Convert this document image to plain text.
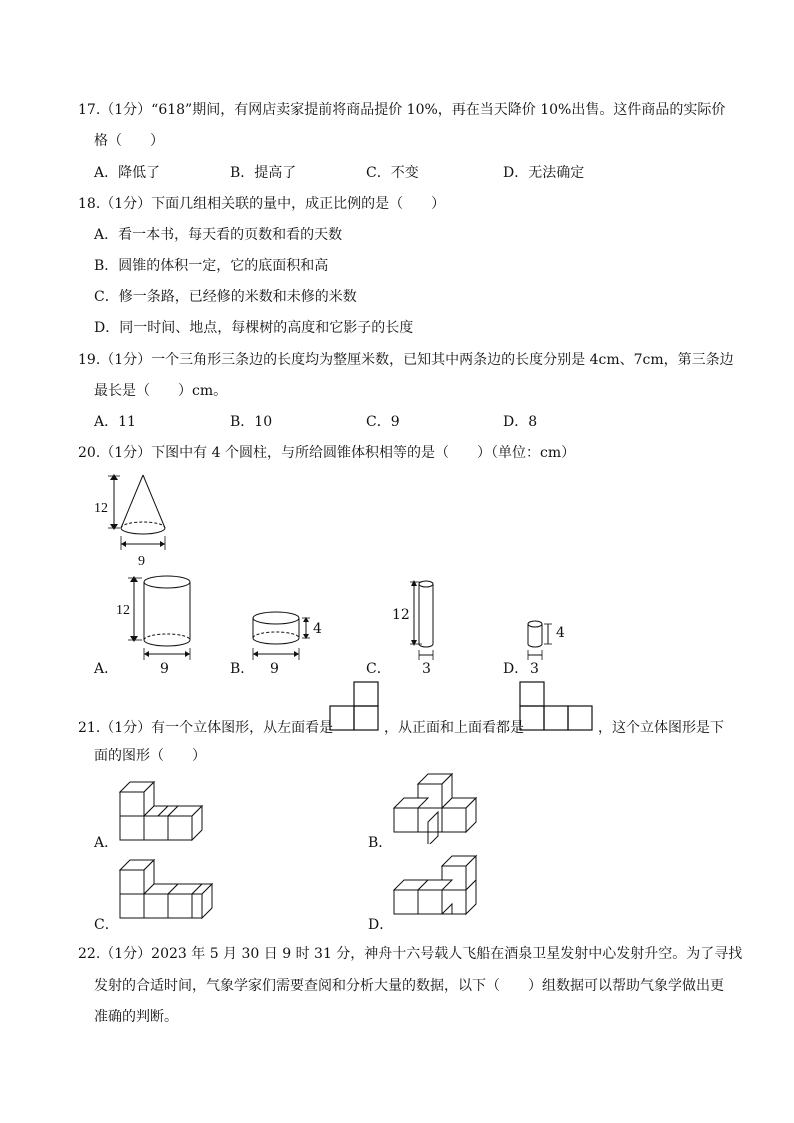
17.（1分）“618”期间，有网店卖家提前将商品提价 10%，再在当天降价 10%出售。这件商品的实际价
格（　　）
A．降低了	B．提高了	C．不变	D．无法确定
18.（1分）下面几组相关联的量中，成正比例的是（　　）
A．看一本书，每天看的页数和看的天数
B．圆锥的体积一定，它的底面积和高
C．修一条路，已经修的米数和未修的米数
D．同一时间、地点，每棵树的高度和它影子的长度
19.（1分）一个三角形三条边的长度均为整厘米数，已知其中两条边的长度分别是 4cm、7cm，第三条边
最长是（　　）cm。
A．11	B．10	C．9	D．8
20.（1分）下图中有 4 个圆柱，与所给圆锥体积相等的是（　　）（单位：cm）
12
9
12
9
A．
4
9
B．
12
3
C．
4
3
D．
21.（1分）有一个立体图形，从左面看是	，从正面和上面看都是	，这个立体图形是下
面的图形（　　）
A．	B．
C．	D．
22.（1分）2023 年 5 月 30 日 9 时 31 分，神舟十六号载人飞船在酒泉卫星发射中心发射升空。为了寻找
发射的合适时间，气象学家们需要查阅和分析大量的数据，以下（　　）组数据可以帮助气象学做出更
准确的判断。
